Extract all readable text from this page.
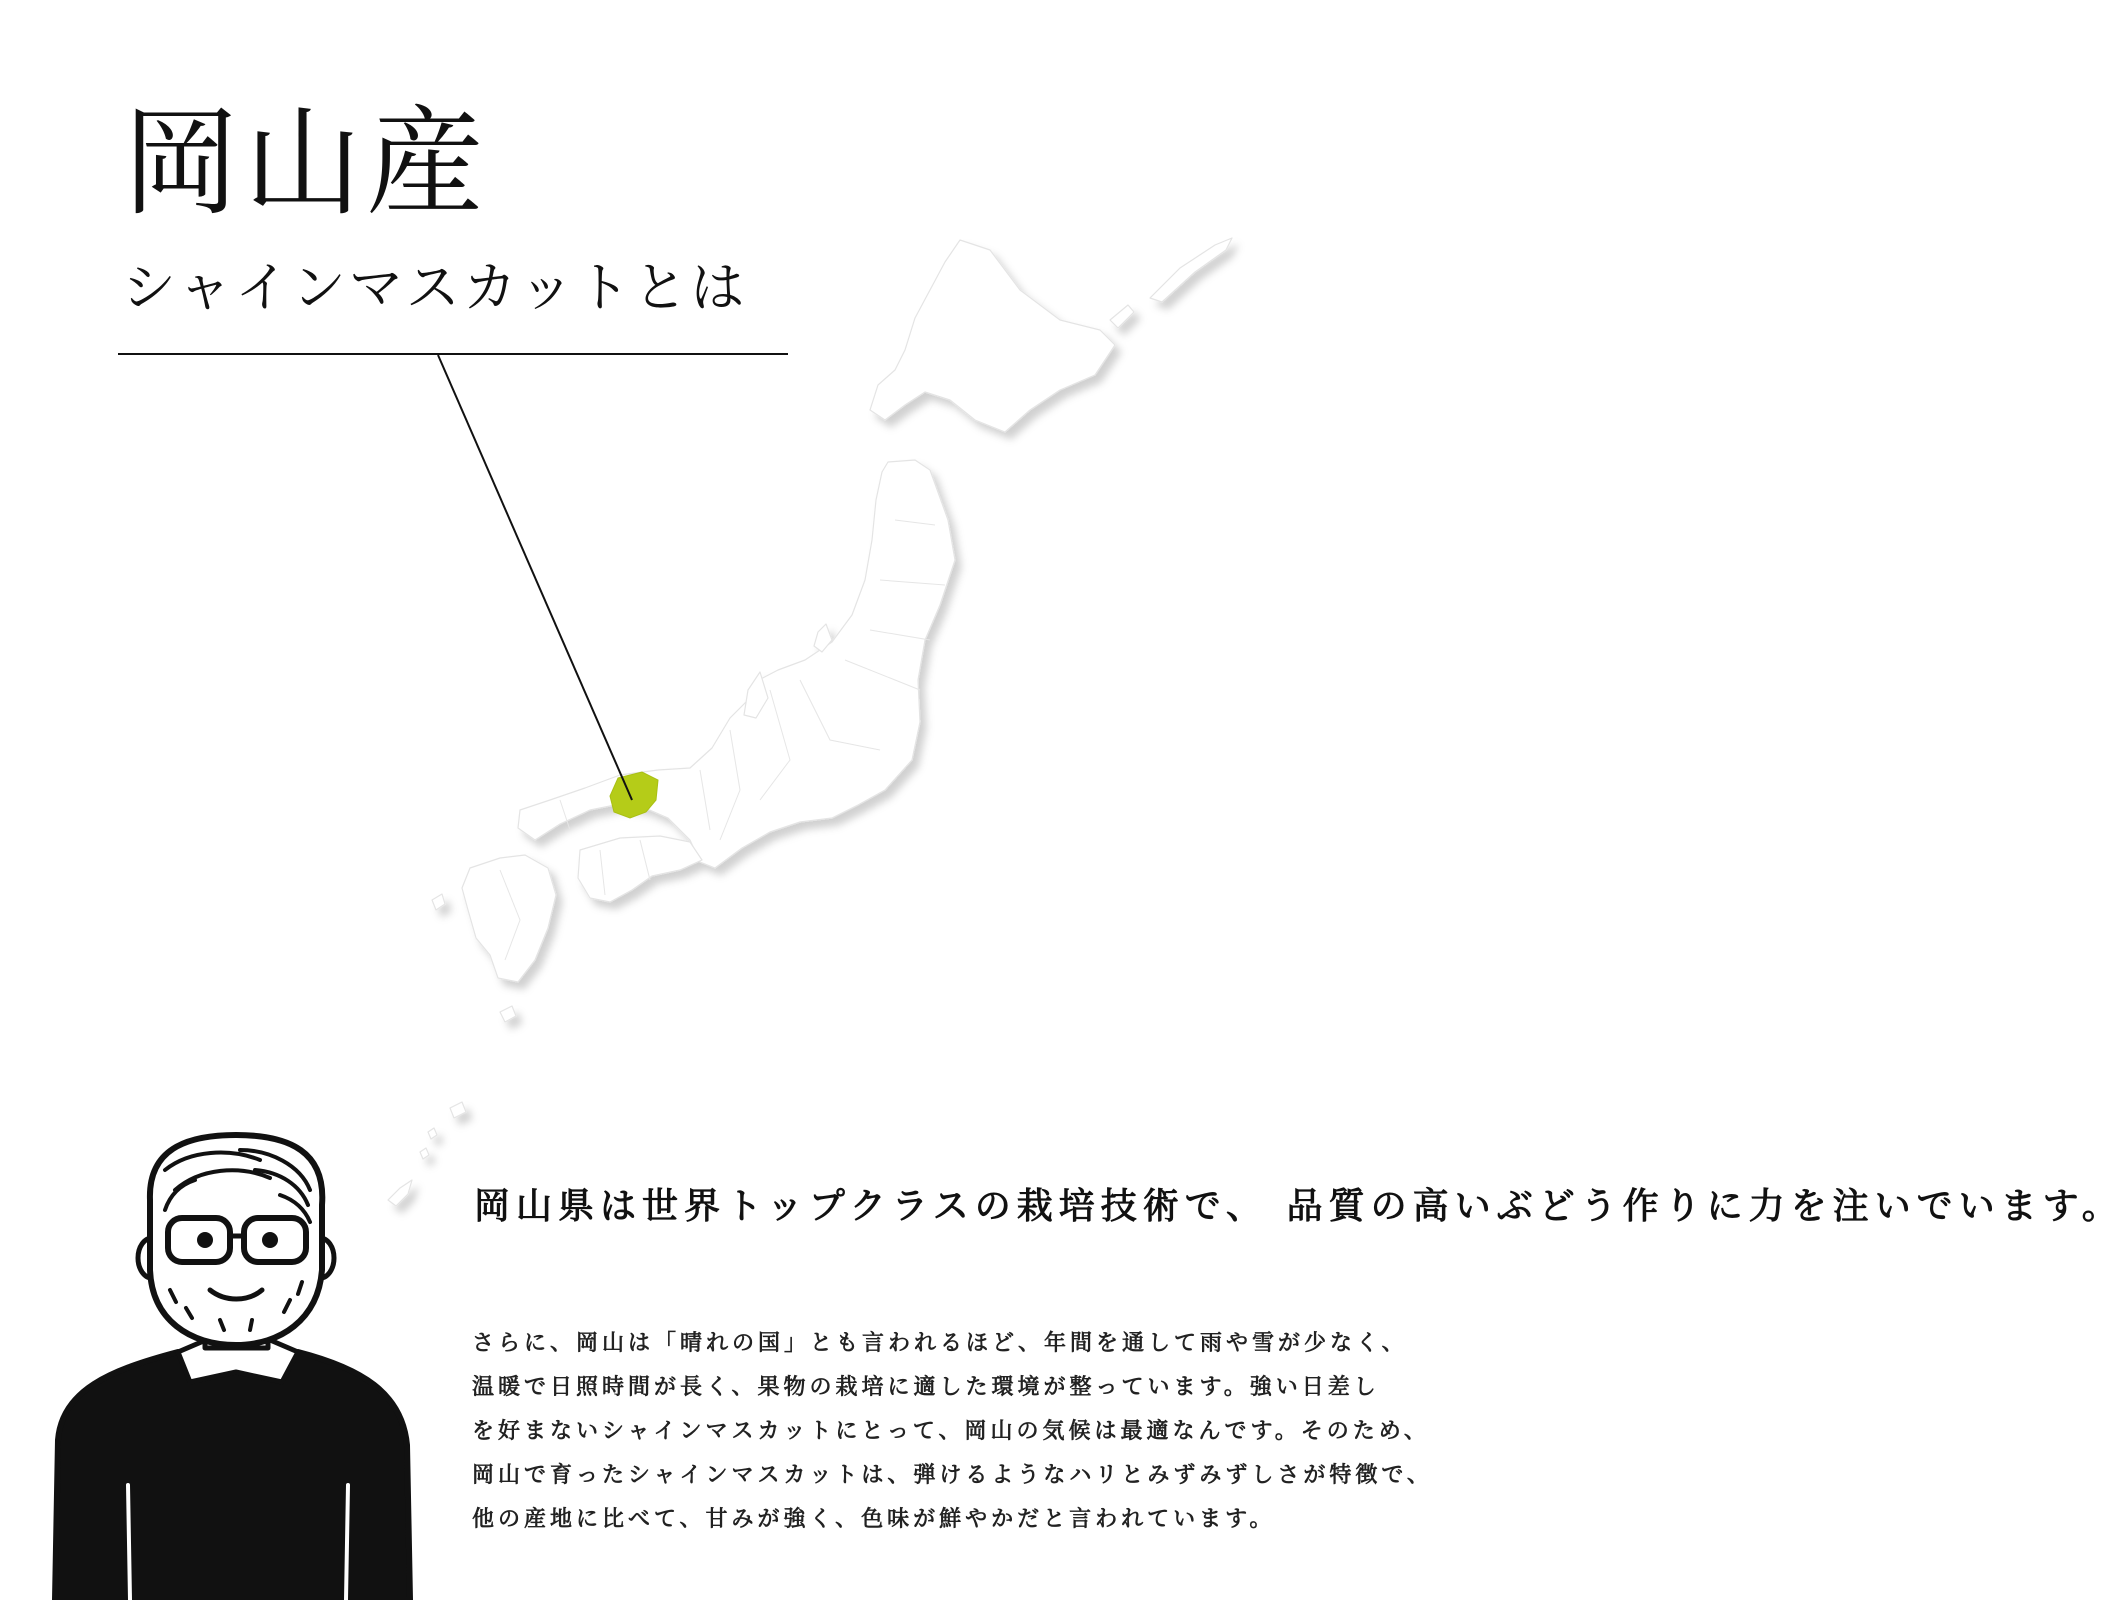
岡山産
シャインマスカットとは

岡山県は世界トップクラスの栽培技術で、 品質の高いぶどう作りに力を注いでいます。

さらに、岡山は「晴れの国」とも言われるほど、年間を通して雨や雪が少なく、
温暖で日照時間が長く、果物の栽培に適した環境が整っています。強い日差し
を好まないシャインマスカットにとって、岡山の気候は最適なんです。そのため、
岡山で育ったシャインマスカットは、弾けるようなハリとみずみずしさが特徴で、
他の産地に比べて、甘みが強く、色味が鮮やかだと言われています。
